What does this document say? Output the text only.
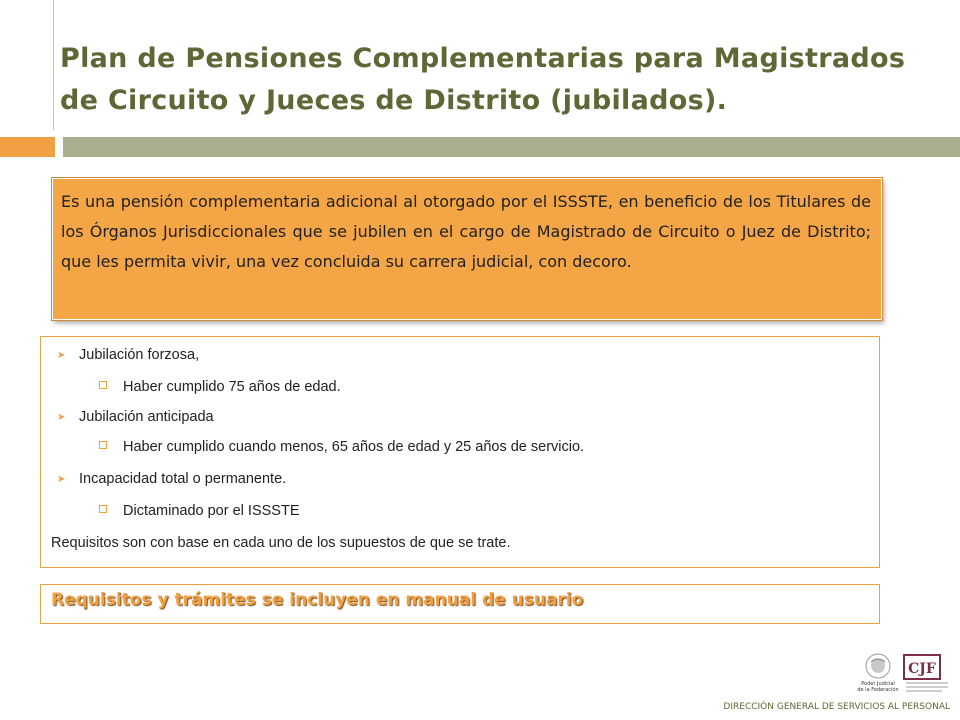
Plan de Pensiones Complementarias para Magistrados
de Circuito y Jueces de Distrito (jubilados).

Es una pensión complementaria adicional al otorgado por el ISSSTE, en beneficio de los Titulares de los Órganos Jurisdiccionales que se jubilen en el cargo de Magistrado de Circuito o Juez de Distrito; que les permita vivir, una vez concluida su carrera judicial, con decoro.

➤ Jubilación forzosa,
Haber cumplido 75 años de edad.
➤ Jubilación anticipada
Haber cumplido cuando menos, 65 años de edad y 25 años de servicio.
➤ Incapacidad total o permanente.
Dictaminado por el ISSSTE
Requisitos son con base en cada uno de los supuestos de que se trate.
Requisitos y trámites se incluyen en manual de usuario
Poder Judicial
de la Federación
CJF
DIRECCIÓN GENERAL DE SERVICIOS AL PERSONAL
